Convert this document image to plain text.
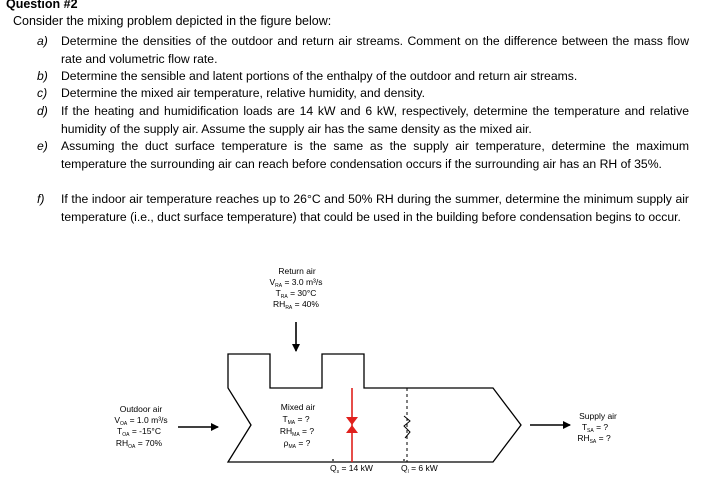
Question #2
Consider the mixing problem depicted in the figure below:
a) Determine the densities of the outdoor and return air streams. Comment on the difference between the mass flow rate and volumetric flow rate.
b) Determine the sensible and latent portions of the enthalpy of the outdoor and return air streams.
c) Determine the mixed air temperature, relative humidity, and density.
d) If the heating and humidification loads are 14 kW and 6 kW, respectively, determine the temperature and relative humidity of the supply air. Assume the supply air has the same density as the mixed air.
e) Assuming the duct surface temperature is the same as the supply air temperature, determine the maximum temperature the surrounding air can reach before condensation occurs if the surrounding air has an RH of 35%.
f) If the indoor air temperature reaches up to 26°C and 50% RH during the summer, determine the minimum supply air temperature (i.e., duct surface temperature) that could be used in the building before condensation begins to occur.
Return air
$V_{RA} = 3.0$ m³/s
$T_{RA} = 30^\circ C$
$RH_{RA} = 40\%$
Outdoor air
$V_{OA} = 1.0$ m³/s
$T_{OA} = -15^\circ C$
$RH_{OA} = 70\%$
Mixed air
$T_{MA}$ = ?
$RH_{MA}$ = ?
$\rho_{MA}$ = ?
Supply air
$T_{SA}$ = ?
$RH_{SA}$ = ?
$Q_s = 14$ kW	$Q_l = 6$ kW
